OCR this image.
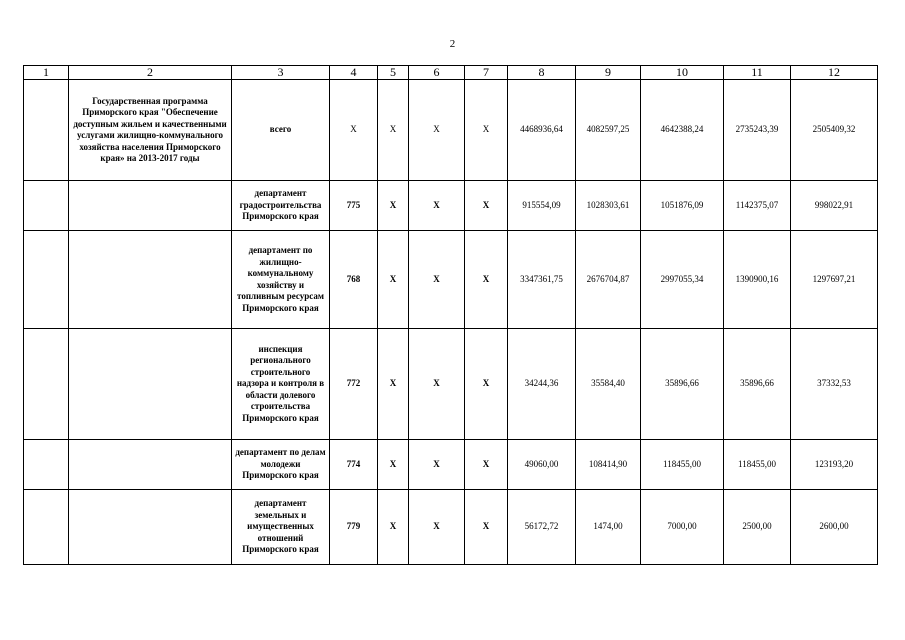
2
1	2	3	4	5	6	7	8	9	10	11	12
	Государственная программа Приморского края "Обеспечение доступным жильем и качественными услугами жилищно-коммунального хозяйства населения Приморского края» на 2013-2017 годы	всего	X	X	X	X	4468936,64	4082597,25	4642388,24	2735243,39	2505409,32
		департамент градостроительства Приморского края	775	X	X	X	915554,09	1028303,61	1051876,09	1142375,07	998022,91
		департамент по жилищно-коммунальному хозяйству и топливным ресурсам Приморского края	768	X	X	X	3347361,75	2676704,87	2997055,34	1390900,16	1297697,21
		инспекция регионального строительного надзора и контроля в области долевого строительства Приморского края	772	X	X	X	34244,36	35584,40	35896,66	35896,66	37332,53
		департамент по делам молодежи Приморского края	774	X	X	X	49060,00	108414,90	118455,00	118455,00	123193,20
		департамент земельных и имущественных отношений Приморского края	779	X	X	X	56172,72	1474,00	7000,00	2500,00	2600,00
